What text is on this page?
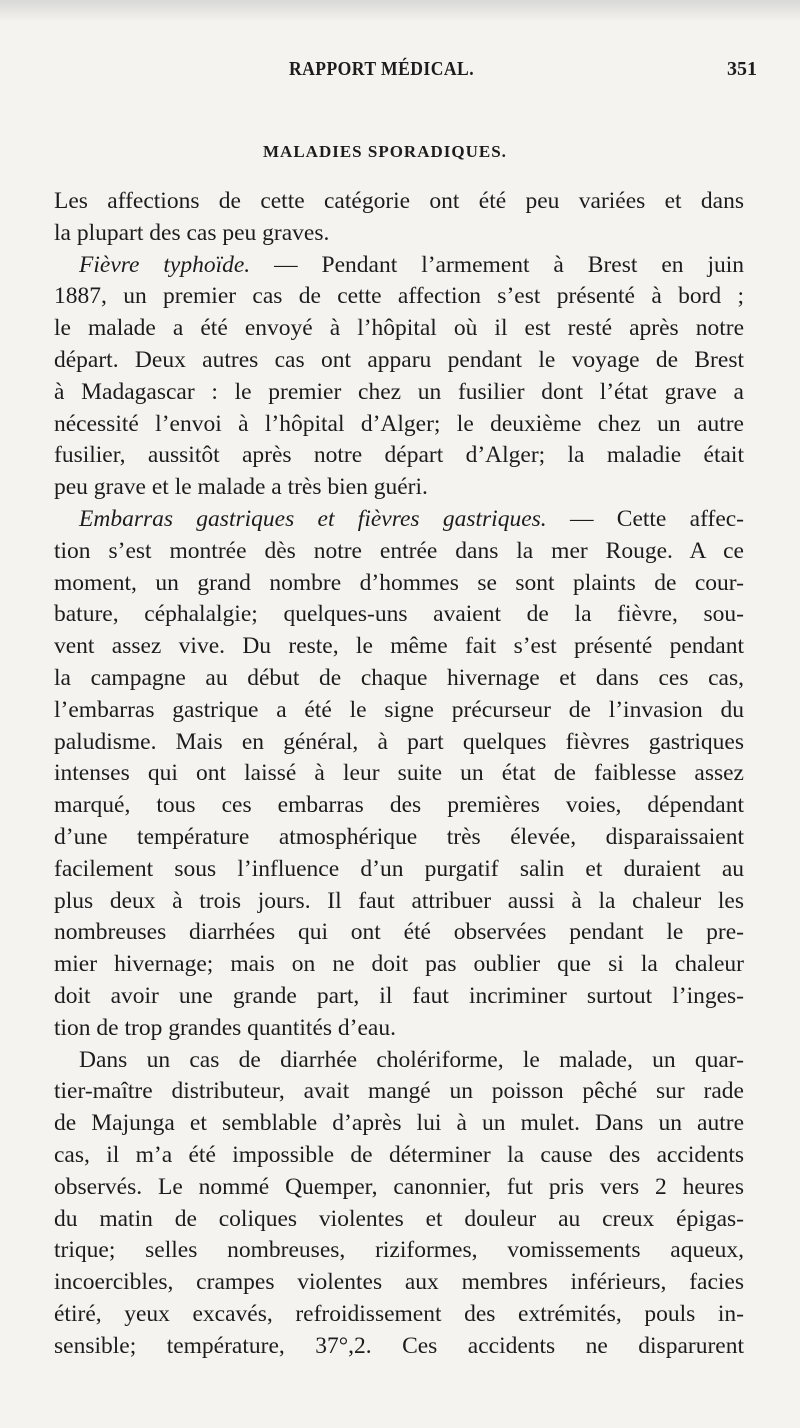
RAPPORT MÉDICAL.	351
MALADIES SPORADIQUES.
Les affections de cette catégorie ont été peu variées et dans
la plupart des cas peu graves.
Fièvre typhoïde. — Pendant l’armement à Brest en juin
1887, un premier cas de cette affection s’est présenté à bord ;
le malade a été envoyé à l’hôpital où il est resté après notre
départ. Deux autres cas ont apparu pendant le voyage de Brest
à Madagascar : le premier chez un fusilier dont l’état grave a
nécessité l’envoi à l’hôpital d’Alger; le deuxième chez un autre
fusilier, aussitôt après notre départ d’Alger; la maladie était
peu grave et le malade a très bien guéri.
Embarras gastriques et fièvres gastriques. — Cette affec-
tion s’est montrée dès notre entrée dans la mer Rouge. A ce
moment, un grand nombre d’hommes se sont plaints de cour-
bature, céphalalgie; quelques-uns avaient de la fièvre, sou-
vent assez vive. Du reste, le même fait s’est présenté pendant
la campagne au début de chaque hivernage et dans ces cas,
l’embarras gastrique a été le signe précurseur de l’invasion du
paludisme. Mais en général, à part quelques fièvres gastriques
intenses qui ont laissé à leur suite un état de faiblesse assez
marqué, tous ces embarras des premières voies, dépendant
d’une température atmosphérique très élevée, disparaissaient
facilement sous l’influence d’un purgatif salin et duraient au
plus deux à trois jours. Il faut attribuer aussi à la chaleur les
nombreuses diarrhées qui ont été observées pendant le pre-
mier hivernage; mais on ne doit pas oublier que si la chaleur
doit avoir une grande part, il faut incriminer surtout l’inges-
tion de trop grandes quantités d’eau.
Dans un cas de diarrhée cholériforme, le malade, un quar-
tier-maître distributeur, avait mangé un poisson pêché sur rade
de Majunga et semblable d’après lui à un mulet. Dans un autre
cas, il m’a été impossible de déterminer la cause des accidents
observés. Le nommé Quemper, canonnier, fut pris vers 2 heures
du matin de coliques violentes et douleur au creux épigas-
trique; selles nombreuses, riziformes, vomissements aqueux,
incoercibles, crampes violentes aux membres inférieurs, facies
étiré, yeux excavés, refroidissement des extrémités, pouls in-
sensible; température, 37°,2. Ces accidents ne disparurent
